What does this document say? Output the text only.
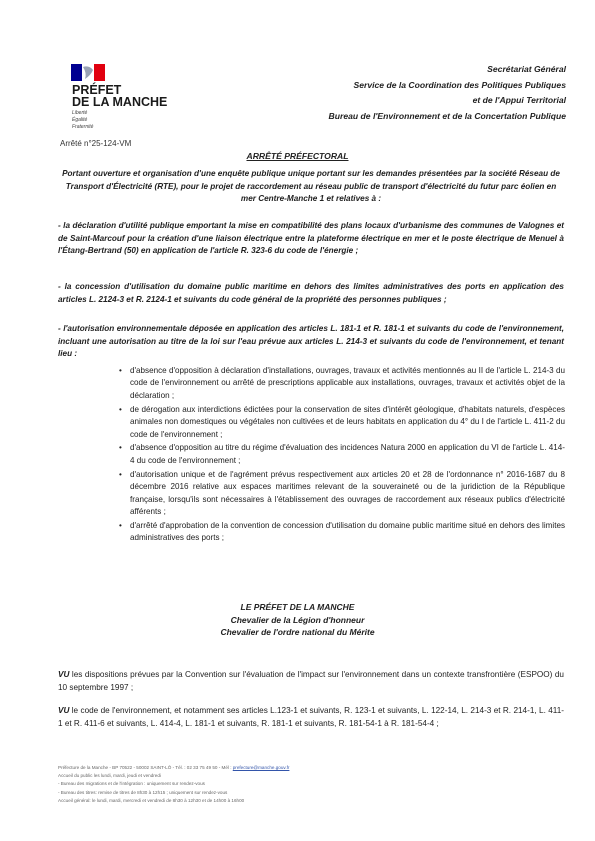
PRÉFET
DE LA MANCHE
Liberté
Égalité
Fraternité
Arrêté n°25-124-VM
Secrétariat Général
Service de la Coordination des Politiques Publiques
et de l'Appui Territorial
Bureau de l'Environnement et de la Concertation Publique
ARRÊTÉ PRÉFECTORAL
Portant ouverture et organisation d'une enquête publique unique portant sur les demandes présentées par la société Réseau de Transport d'Électricité (RTE), pour le projet de raccordement au réseau public de transport d'électricité du futur parc éolien en mer Centre-Manche 1 et relatives à :
- la déclaration d'utilité publique emportant la mise en compatibilité des plans locaux d'urbanisme des communes de Valognes et de Saint-Marcouf pour la création d'une liaison électrique entre la plateforme électrique en mer et le poste électrique de Menuel à l'Étang-Bertrand (50) en application de l'article R. 323-6 du code de l'énergie ;
- la concession d'utilisation du domaine public maritime en dehors des limites administratives des ports en application des articles L. 2124-3 et R. 2124-1 et suivants du code général de la propriété des personnes publiques ;
- l'autorisation environnementale déposée en application des articles L. 181-1 et R. 181-1 et suivants du code de l'environnement, incluant une autorisation au titre de la loi sur l'eau prévue aux articles L. 214-3 et suivants du code de l'environnement, et tenant lieu :
• d'absence d'opposition à déclaration d'installations, ouvrages, travaux et activités mentionnés au II de l'article L. 214-3 du code de l'environnement ou arrêté de prescriptions applicable aux installations, ouvrages, travaux et activités objet de la déclaration ;
• de dérogation aux interdictions édictées pour la conservation de sites d'intérêt géologique, d'habitats naturels, d'espèces animales non domestiques ou végétales non cultivées et de leurs habitats en application du 4° du I de l'article L. 411-2 du code de l'environnement ;
• d'absence d'opposition au titre du régime d'évaluation des incidences Natura 2000 en application du VI de l'article L. 414-4 du code de l'environnement ;
• d'autorisation unique et de l'agrément prévus respectivement aux articles 20 et 28 de l'ordonnance n° 2016-1687 du 8 décembre 2016 relative aux espaces maritimes relevant de la souveraineté ou de la juridiction de la République française, lorsqu'ils sont nécessaires à l'établissement des ouvrages de raccordement aux réseaux publics d'électricité afférents ;
• d'arrêté d'approbation de la convention de concession d'utilisation du domaine public maritime situé en dehors des limites administratives des ports ;
LE PRÉFET DE LA MANCHE
Chevalier de la Légion d'honneur
Chevalier de l'ordre national du Mérite
VU les dispositions prévues par la Convention sur l'évaluation de l'impact sur l'environnement dans un contexte transfrontière (ESPOO) du 10 septembre 1997 ;
VU le code de l'environnement, et notamment ses articles L.123-1 et suivants, R. 123-1 et suivants, L. 122-14, L. 214-3 et R. 214-1, L. 411-1 et R. 411-6 et suivants, L. 414-4, L. 181-1 et suivants, R. 181-1 et suivants, R. 181-54-1 à R. 181-54-4 ;
Préfecture de la Manche - BP 70522 - 50002 SAINT-LÔ - Tél. : 02 33 75 49 50 - Mél : prefecture@manche.gouv.fr
Accueil du public les lundi, mardi, jeudi et vendredi
- Bureau des migrations et de l'intégration : uniquement sur rendez-vous
- Bureau des titres: remise de titres de 8h30 à 12h15 ; uniquement sur rendez-vous
Accueil général: le lundi, mardi, mercredi et vendredi de 8h30 à 12h30 et de 14h00 à 16h00
